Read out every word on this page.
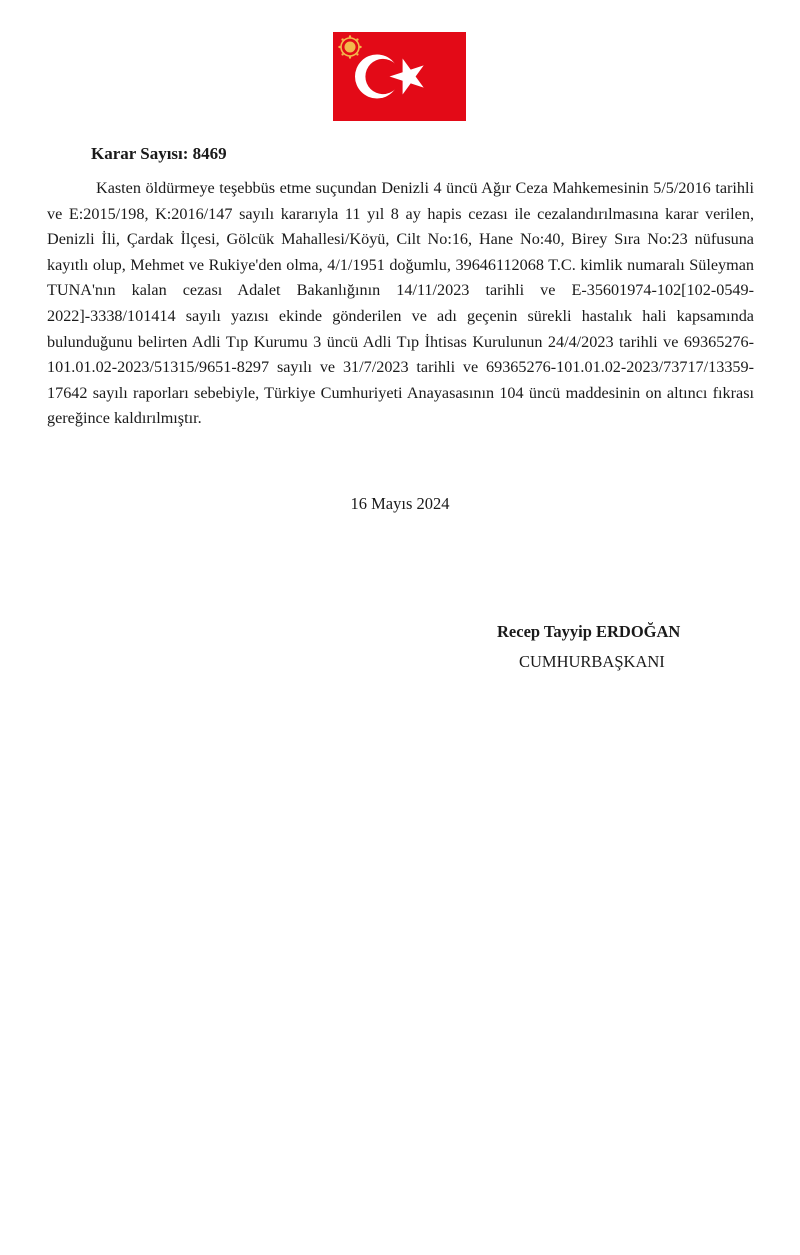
Karar Sayısı: 8469

Kasten öldürmeye teşebbüs etme suçundan Denizli 4 üncü Ağır Ceza Mahkemesinin 5/5/2016 tarihli ve E:2015/198, K:2016/147 sayılı kararıyla 11 yıl 8 ay hapis cezası ile cezalandırılmasına karar verilen, Denizli İli, Çardak İlçesi, Gölcük Mahallesi/Köyü, Cilt No:16, Hane No:40, Birey Sıra No:23 nüfusuna kayıtlı olup, Mehmet ve Rukiye'den olma, 4/1/1951 doğumlu, 39646112068 T.C. kimlik numaralı Süleyman TUNA'nın kalan cezası Adalet Bakanlığının 14/11/2023 tarihli ve E-35601974-102[102-0549-2022]-3338/101414 sayılı yazısı ekinde gönderilen ve adı geçenin sürekli hastalık hali kapsamında bulunduğunu belirten Adli Tıp Kurumu 3 üncü Adli Tıp İhtisas Kurulunun 24/4/2023 tarihli ve 69365276-101.01.02-2023/51315/9651-8297 sayılı ve 31/7/2023 tarihli ve 69365276-101.01.02-2023/73717/13359-17642 sayılı raporları sebebiyle, Türkiye Cumhuriyeti Anayasasının 104 üncü maddesinin on altıncı fıkrası gereğince kaldırılmıştır.

16 Mayıs 2024

Recep Tayyip ERDOĞAN

CUMHURBAŞKANI
